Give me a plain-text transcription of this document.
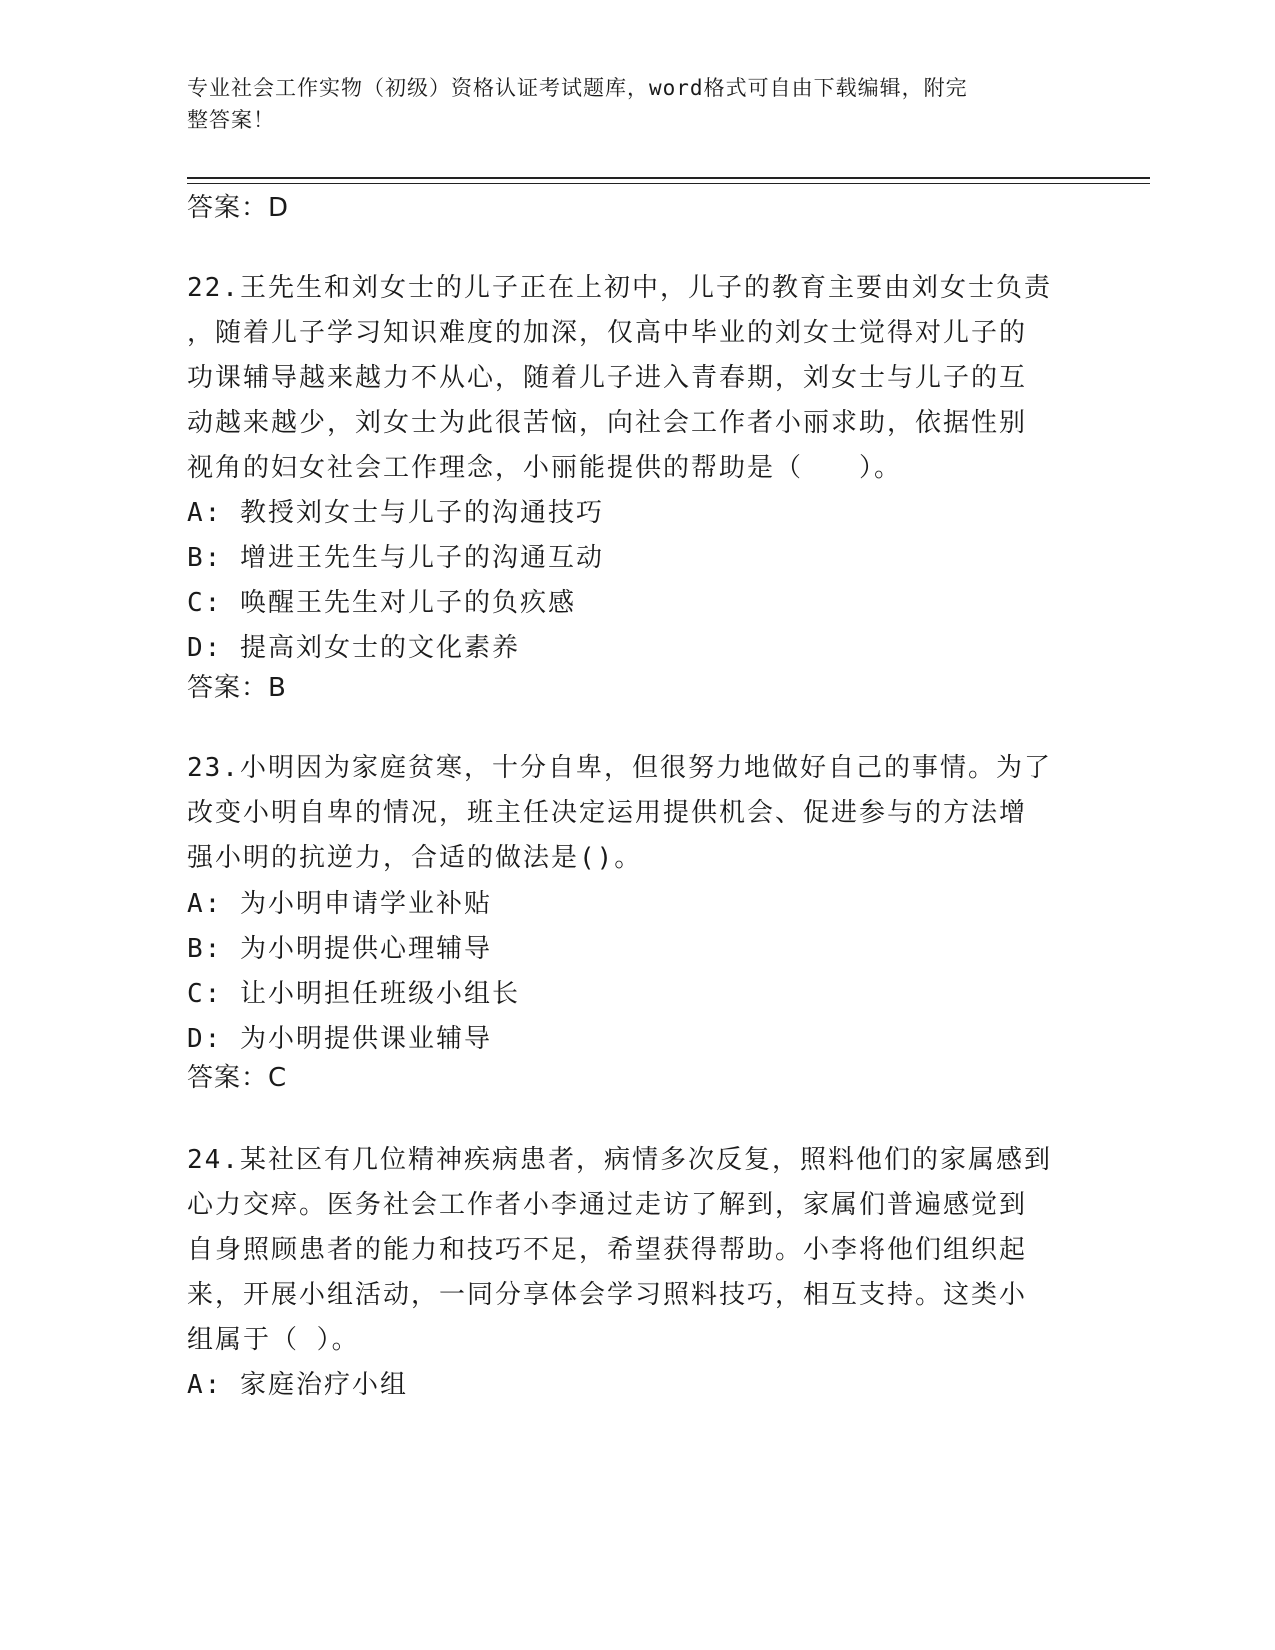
专业社会工作实物（初级）资格认证考试题库，word格式可自由下载编辑，附完
整答案！
答案：D
22.王先生和刘女士的儿子正在上初中，儿子的教育主要由刘女士负责
，随着儿子学习知识难度的加深，仅高中毕业的刘女士觉得对儿子的
功课辅导越来越力不从心，随着儿子进入青春期，刘女士与儿子的互
动越来越少，刘女士为此很苦恼，向社会工作者小丽求助，依据性别
视角的妇女社会工作理念，小丽能提供的帮助是（　　）。
A: 教授刘女士与儿子的沟通技巧
B: 增进王先生与儿子的沟通互动
C: 唤醒王先生对儿子的负疚感
D: 提高刘女士的文化素养
答案：B
23.小明因为家庭贫寒，十分自卑，但很努力地做好自己的事情。为了
改变小明自卑的情况，班主任决定运用提供机会、促进参与的方法增
强小明的抗逆力，合适的做法是()。
A: 为小明申请学业补贴
B: 为小明提供心理辅导
C: 让小明担任班级小组长
D: 为小明提供课业辅导
答案：C
24.某社区有几位精神疾病患者，病情多次反复，照料他们的家属感到
心力交瘁。医务社会工作者小李通过走访了解到，家属们普遍感觉到
自身照顾患者的能力和技巧不足，希望获得帮助。小李将他们组织起
来，开展小组活动，一同分享体会学习照料技巧，相互支持。这类小
组属于（ ）。
A: 家庭治疗小组
